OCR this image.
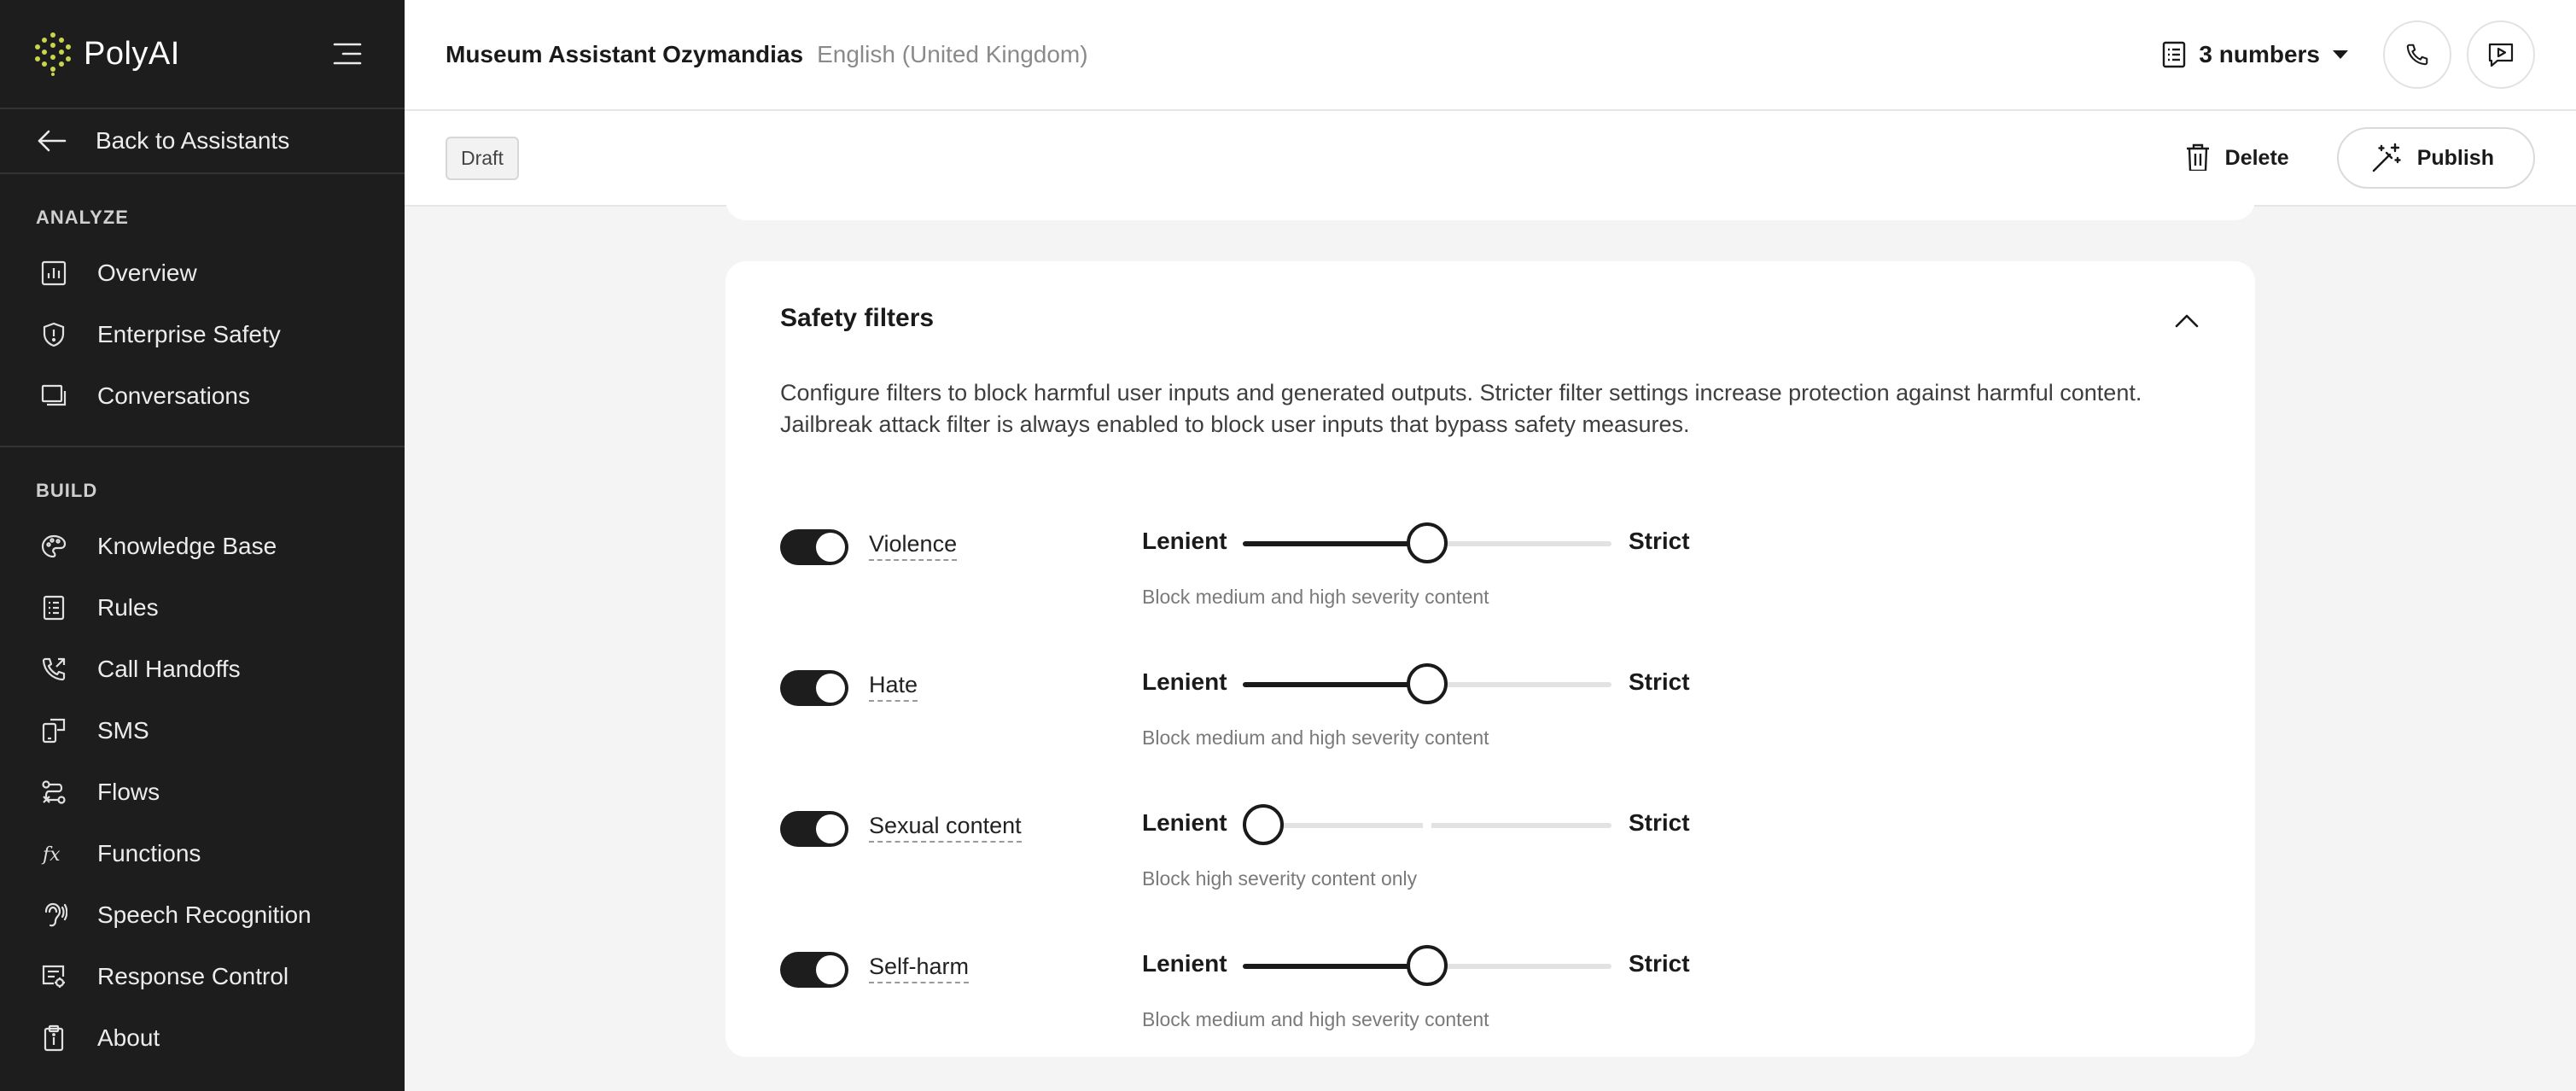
PolyAI
Back to Assistants
ANALYZE
Overview
Enterprise Safety
Conversations
BUILD
Knowledge Base
Rules
Call Handoffs
SMS
Flows
fx Functions
Speech Recognition
Response Control
About
Museum Assistant Ozymandias English (United Kingdom)	3 numbers
Draft	Delete	Publish
Safety filters

Configure filters to block harmful user inputs and generated outputs. Stricter filter settings increase protection against harmful content. Jailbreak attack filter is always enabled to block user inputs that bypass safety measures.

Violence	Lenient	Strict
Block medium and high severity content
Hate	Lenient	Strict
Block medium and high severity content
Sexual content	Lenient	Strict
Block high severity content only
Self-harm	Lenient	Strict
Block medium and high severity content
